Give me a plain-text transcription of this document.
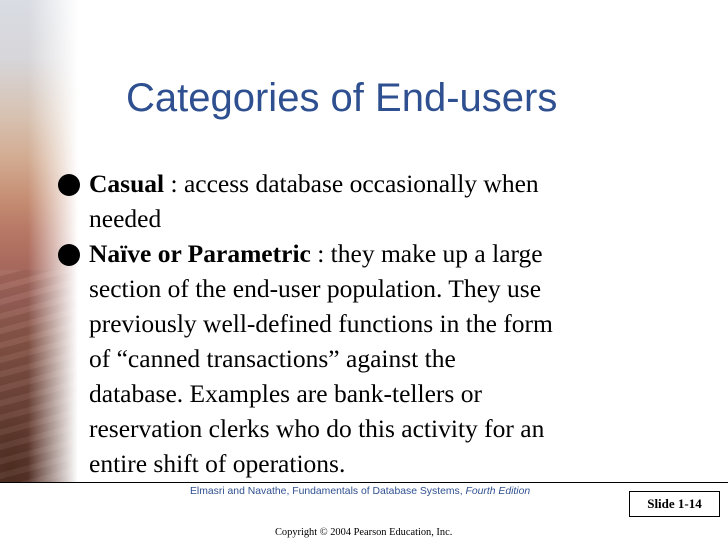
Categories of End-users
Casual : access database occasionally when
needed
Naïve or Parametric : they make up a large
section of the end-user population. They use
previously well-defined functions in the form
of “canned transactions” against the
database. Examples are bank-tellers or
reservation clerks who do this activity for an
entire shift of operations.

Elmasri and Navathe, Fundamentals of Database Systems, Fourth Edition

Copyright © 2004 Pearson Education, Inc.

Slide 1-14
